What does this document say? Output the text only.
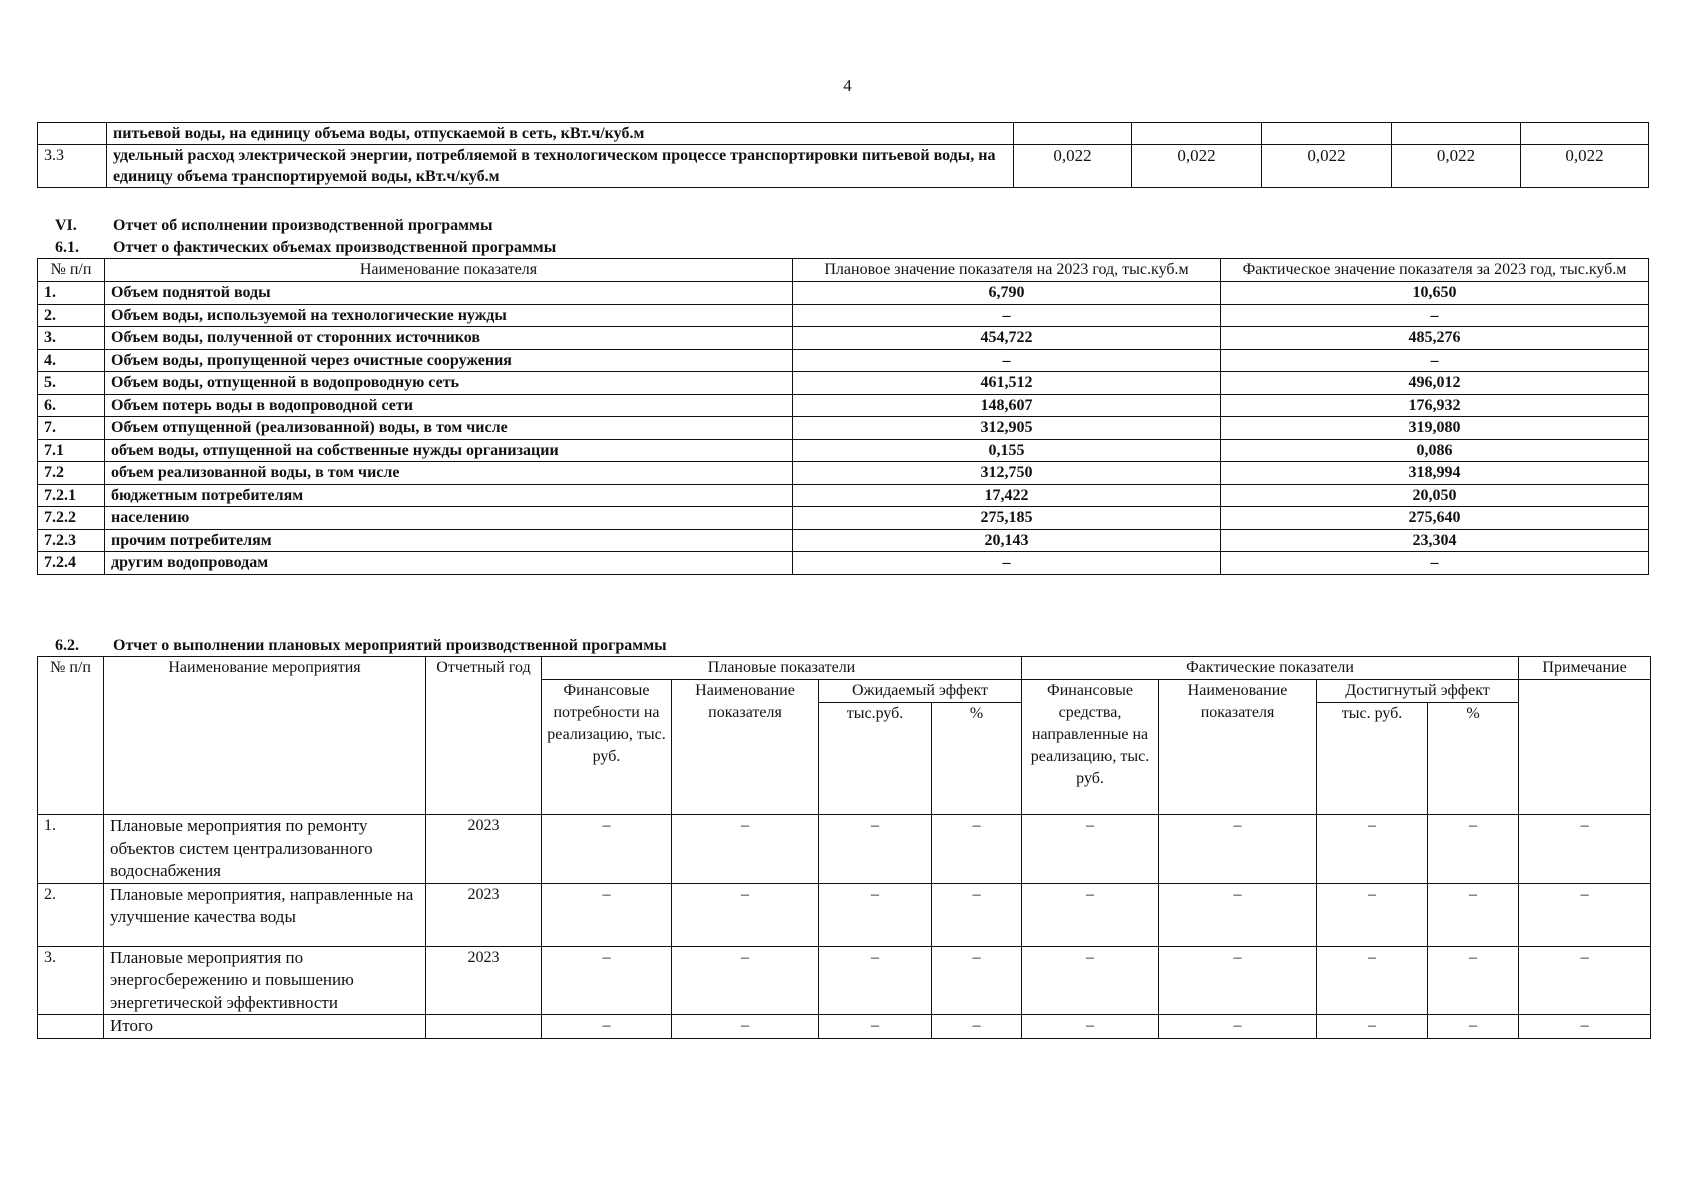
4
	питьевой воды, на единицу объема воды, отпускаемой в сеть, кВт.ч/куб.м					
3.3	удельный расход электрической энергии, потребляемой в технологическом процессе транспортировки питьевой воды, на единицу объема транспортируемой воды, кВт.ч/куб.м	0,022	0,022	0,022	0,022	0,022
VI. Отчет об исполнении производственной программы
6.1. Отчет о фактических объемах производственной программы
№ п/п	Наименование показателя	Плановое значение показателя на 2023 год, тыс.куб.м	Фактическое значение показателя за 2023 год, тыс.куб.м
1.	Объем поднятой воды	6,790	10,650
2.	Объем воды, используемой на технологические нужды	–	–
3.	Объем воды, полученной от сторонних источников	454,722	485,276
4.	Объем воды, пропущенной через очистные сооружения	–	–
5.	Объем воды, отпущенной в водопроводную сеть	461,512	496,012
6.	Объем потерь воды в водопроводной сети	148,607	176,932
7.	Объем отпущенной (реализованной) воды, в том числе	312,905	319,080
7.1	объем воды, отпущенной на собственные нужды организации	0,155	0,086
7.2	объем реализованной воды, в том числе	312,750	318,994
7.2.1	бюджетным потребителям	17,422	20,050
7.2.2	населению	275,185	275,640
7.2.3	прочим потребителям	20,143	23,304
7.2.4	другим водопроводам	–	–
6.2. Отчет о выполнении плановых мероприятий производственной программы
№ п/п	Наименование мероприятия	Отчетный год	Плановые показатели				Фактические показатели				Примечание
			Финансовые потребности на реализацию, тыс. руб.	Наименование показателя	Ожидаемый эффект		Финансовые средства, направленные на реализацию, тыс. руб.	Наименование показателя	Достигнутый эффект		
					тыс.руб.	%			тыс. руб.	%	
1.	Плановые мероприятия по ремонту объектов систем централизованного водоснабжения	2023	–	–	–	–	–	–	–	–	–
2.	Плановые мероприятия, направленные на улучшение качества воды	2023	–	–	–	–	–	–	–	–	–
3.	Плановые мероприятия по энергосбережению и повышению энергетической эффективности	2023	–	–	–	–	–	–	–	–	–
	Итого		–	–	–	–	–	–	–	–	–
